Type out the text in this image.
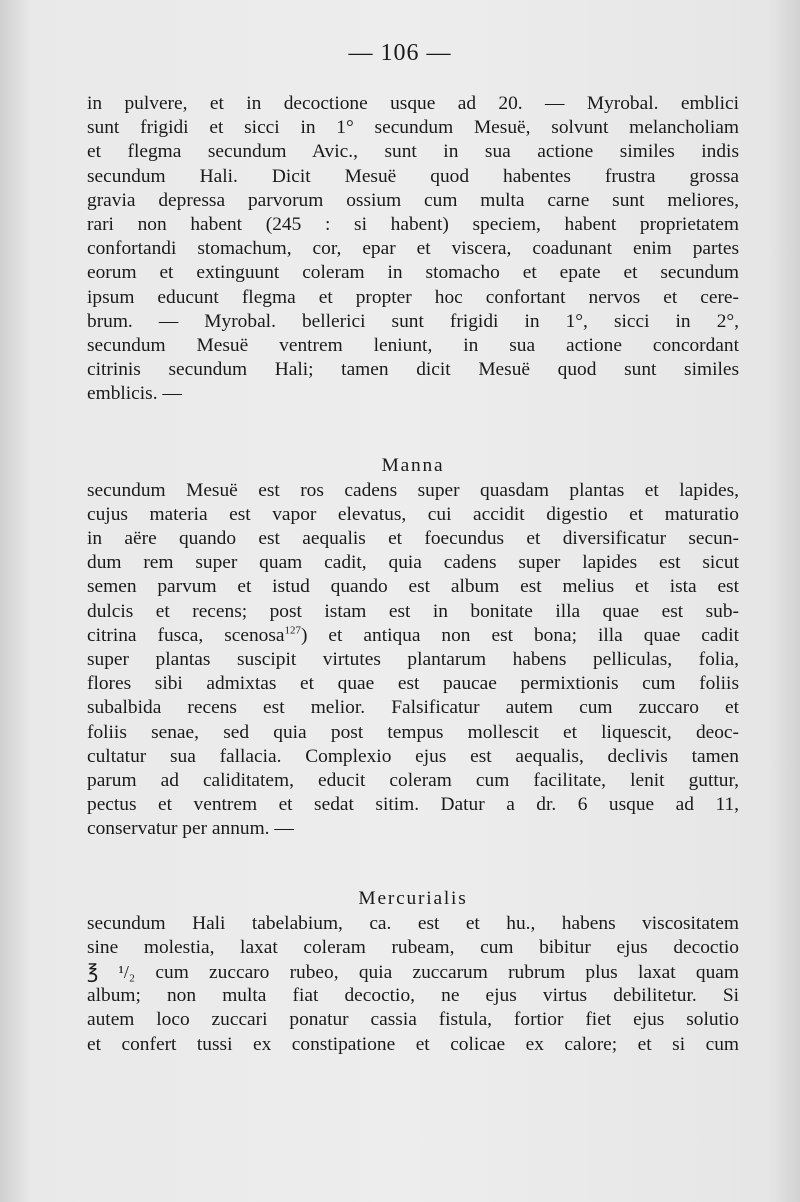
— 106 —
in pulvere, et in decoctione usque ad 20. — Myrobal. emblici
sunt frigidi et sicci in 1° secundum Mesuë, solvunt melancholiam
et flegma secundum Avic., sunt in sua actione similes indis
secundum Hali. Dicit Mesuë quod habentes frustra grossa
gravia depressa parvorum ossium cum multa carne sunt meliores,
rari non habent (245 : si habent) speciem, habent proprietatem
confortandi stomachum, cor, epar et viscera, coadunant enim partes
eorum et extinguunt coleram in stomacho et epate et secundum
ipsum educunt flegma et propter hoc confortant nervos et cere-
brum. — Myrobal. bellerici sunt frigidi in 1°, sicci in 2°,
secundum Mesuë ventrem leniunt, in sua actione concordant
citrinis secundum Hali; tamen dicit Mesuë quod sunt similes
emblicis. —
Manna
secundum Mesuë est ros cadens super quasdam plantas et lapides,
cujus materia est vapor elevatus, cui accidit digestio et maturatio
in aëre quando est aequalis et foecundus et diversificatur secun-
dum rem super quam cadit, quia cadens super lapides est sicut
semen parvum et istud quando est album est melius et ista est
dulcis et recens; post istam est in bonitate illa quae est sub-
citrina fusca, scenosa$^{127}$) et antiqua non est bona; illa quae cadit
super plantas suscipit virtutes plantarum habens pelliculas, folia,
flores sibi admixtas et quae est paucae permixtionis cum foliis
subalbida recens est melior. Falsificatur autem cum zuccaro et
foliis senae, sed quia post tempus mollescit et liquescit, deoc-
cultatur sua fallacia. Complexio ejus est aequalis, declivis tamen
parum ad caliditatem, educit coleram cum facilitate, lenit guttur,
pectus et ventrem et sedat sitim. Datur a dr. 6 usque ad 11,
conservatur per annum. —
Mercurialis
secundum Hali tabelabium, ca. est et hu., habens viscositatem
sine molestia, laxat coleram rubeam, cum bibitur ejus decoctio
℥ ¹/₂ cum zuccaro rubeo, quia zuccarum rubrum plus laxat quam
album; non multa fiat decoctio, ne ejus virtus debilitetur. Si
autem loco zuccari ponatur cassia fistula, fortior fiet ejus solutio
et confert tussi ex constipatione et colicae ex calore; et si cum
